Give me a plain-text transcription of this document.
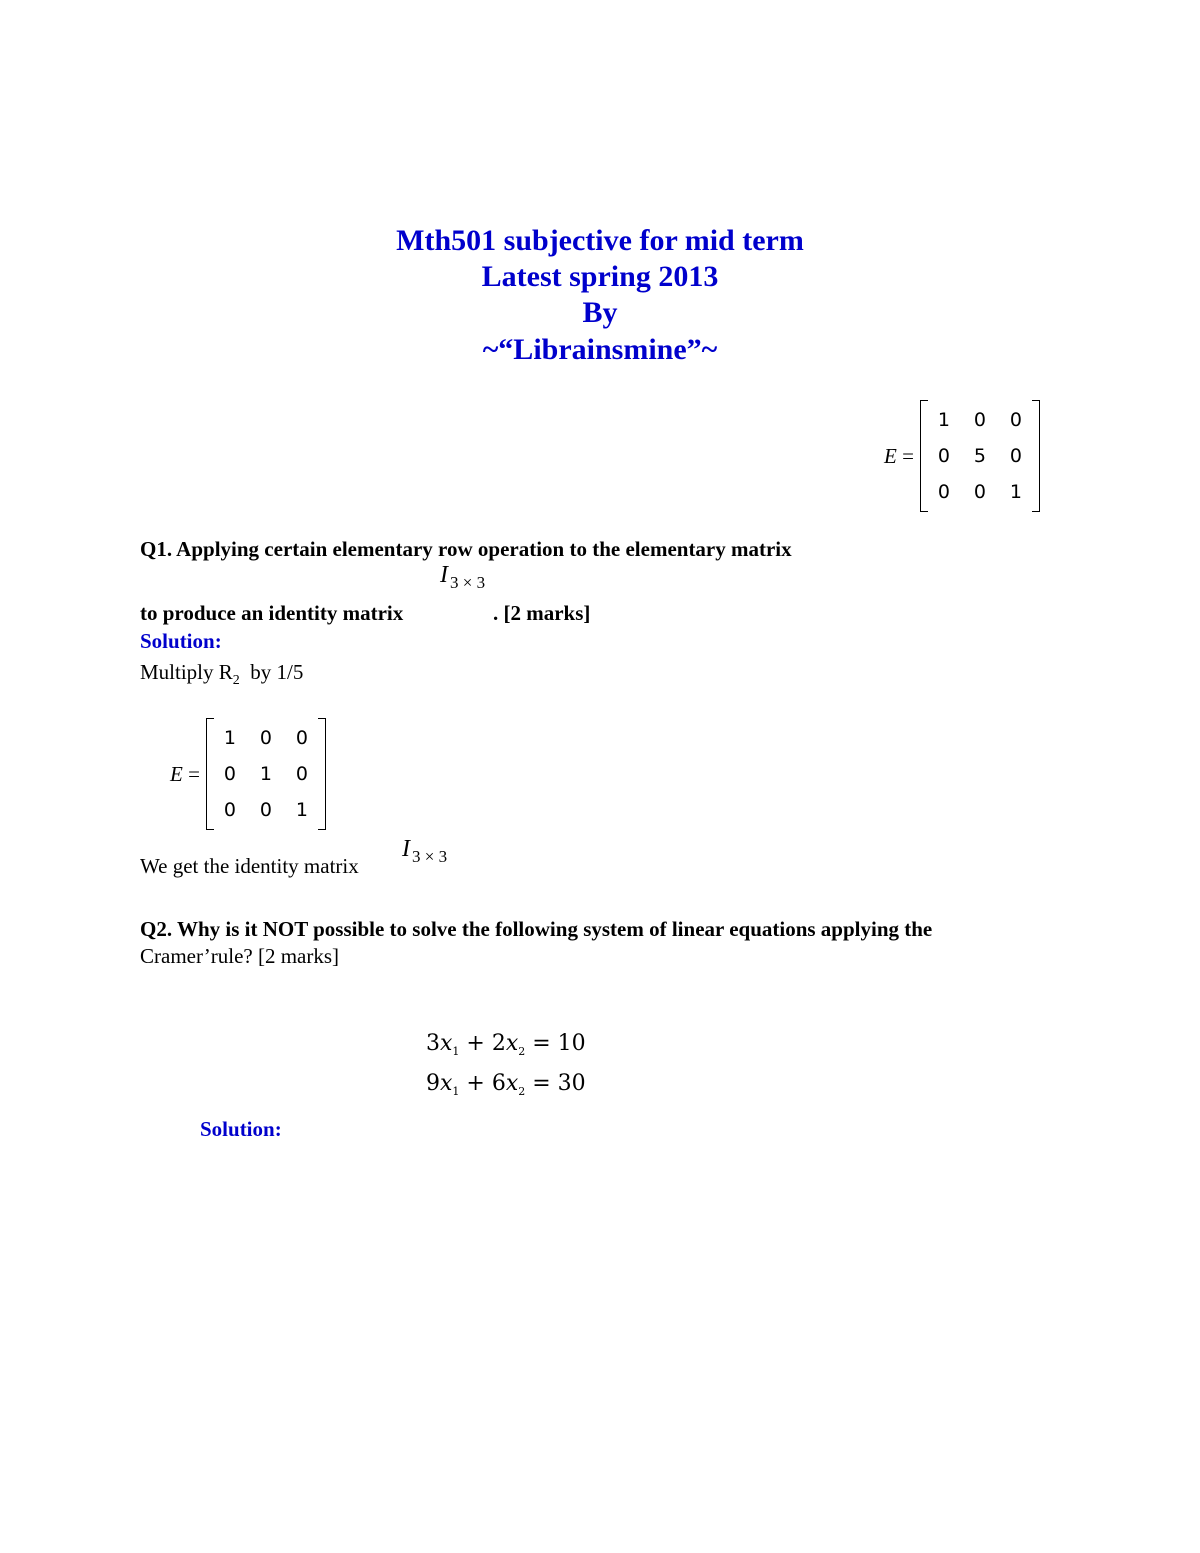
Mth501 subjective for mid term
Latest spring 2013
By
~“Librainsmine”~
E =
1	0	0
0	5	0
0	0	1
Q1. Applying certain elementary row operation to the elementary matrix
I $_{3 \times 3}$
to produce an identity matrix	. [2 marks]
Solution:
Multiply $R_2$  by 1/5
E =
1	0	0
0	1	0
0	0	1
We get the identity matrix
I $_{3 \times 3}$
Q2. Why is it NOT possible to solve the following system of linear equations applying the
Cramer’rule? [2 marks]
$3x_1 + 2x_2 = 10$
$9x_1 + 6x_2 = 30$
Solution:
